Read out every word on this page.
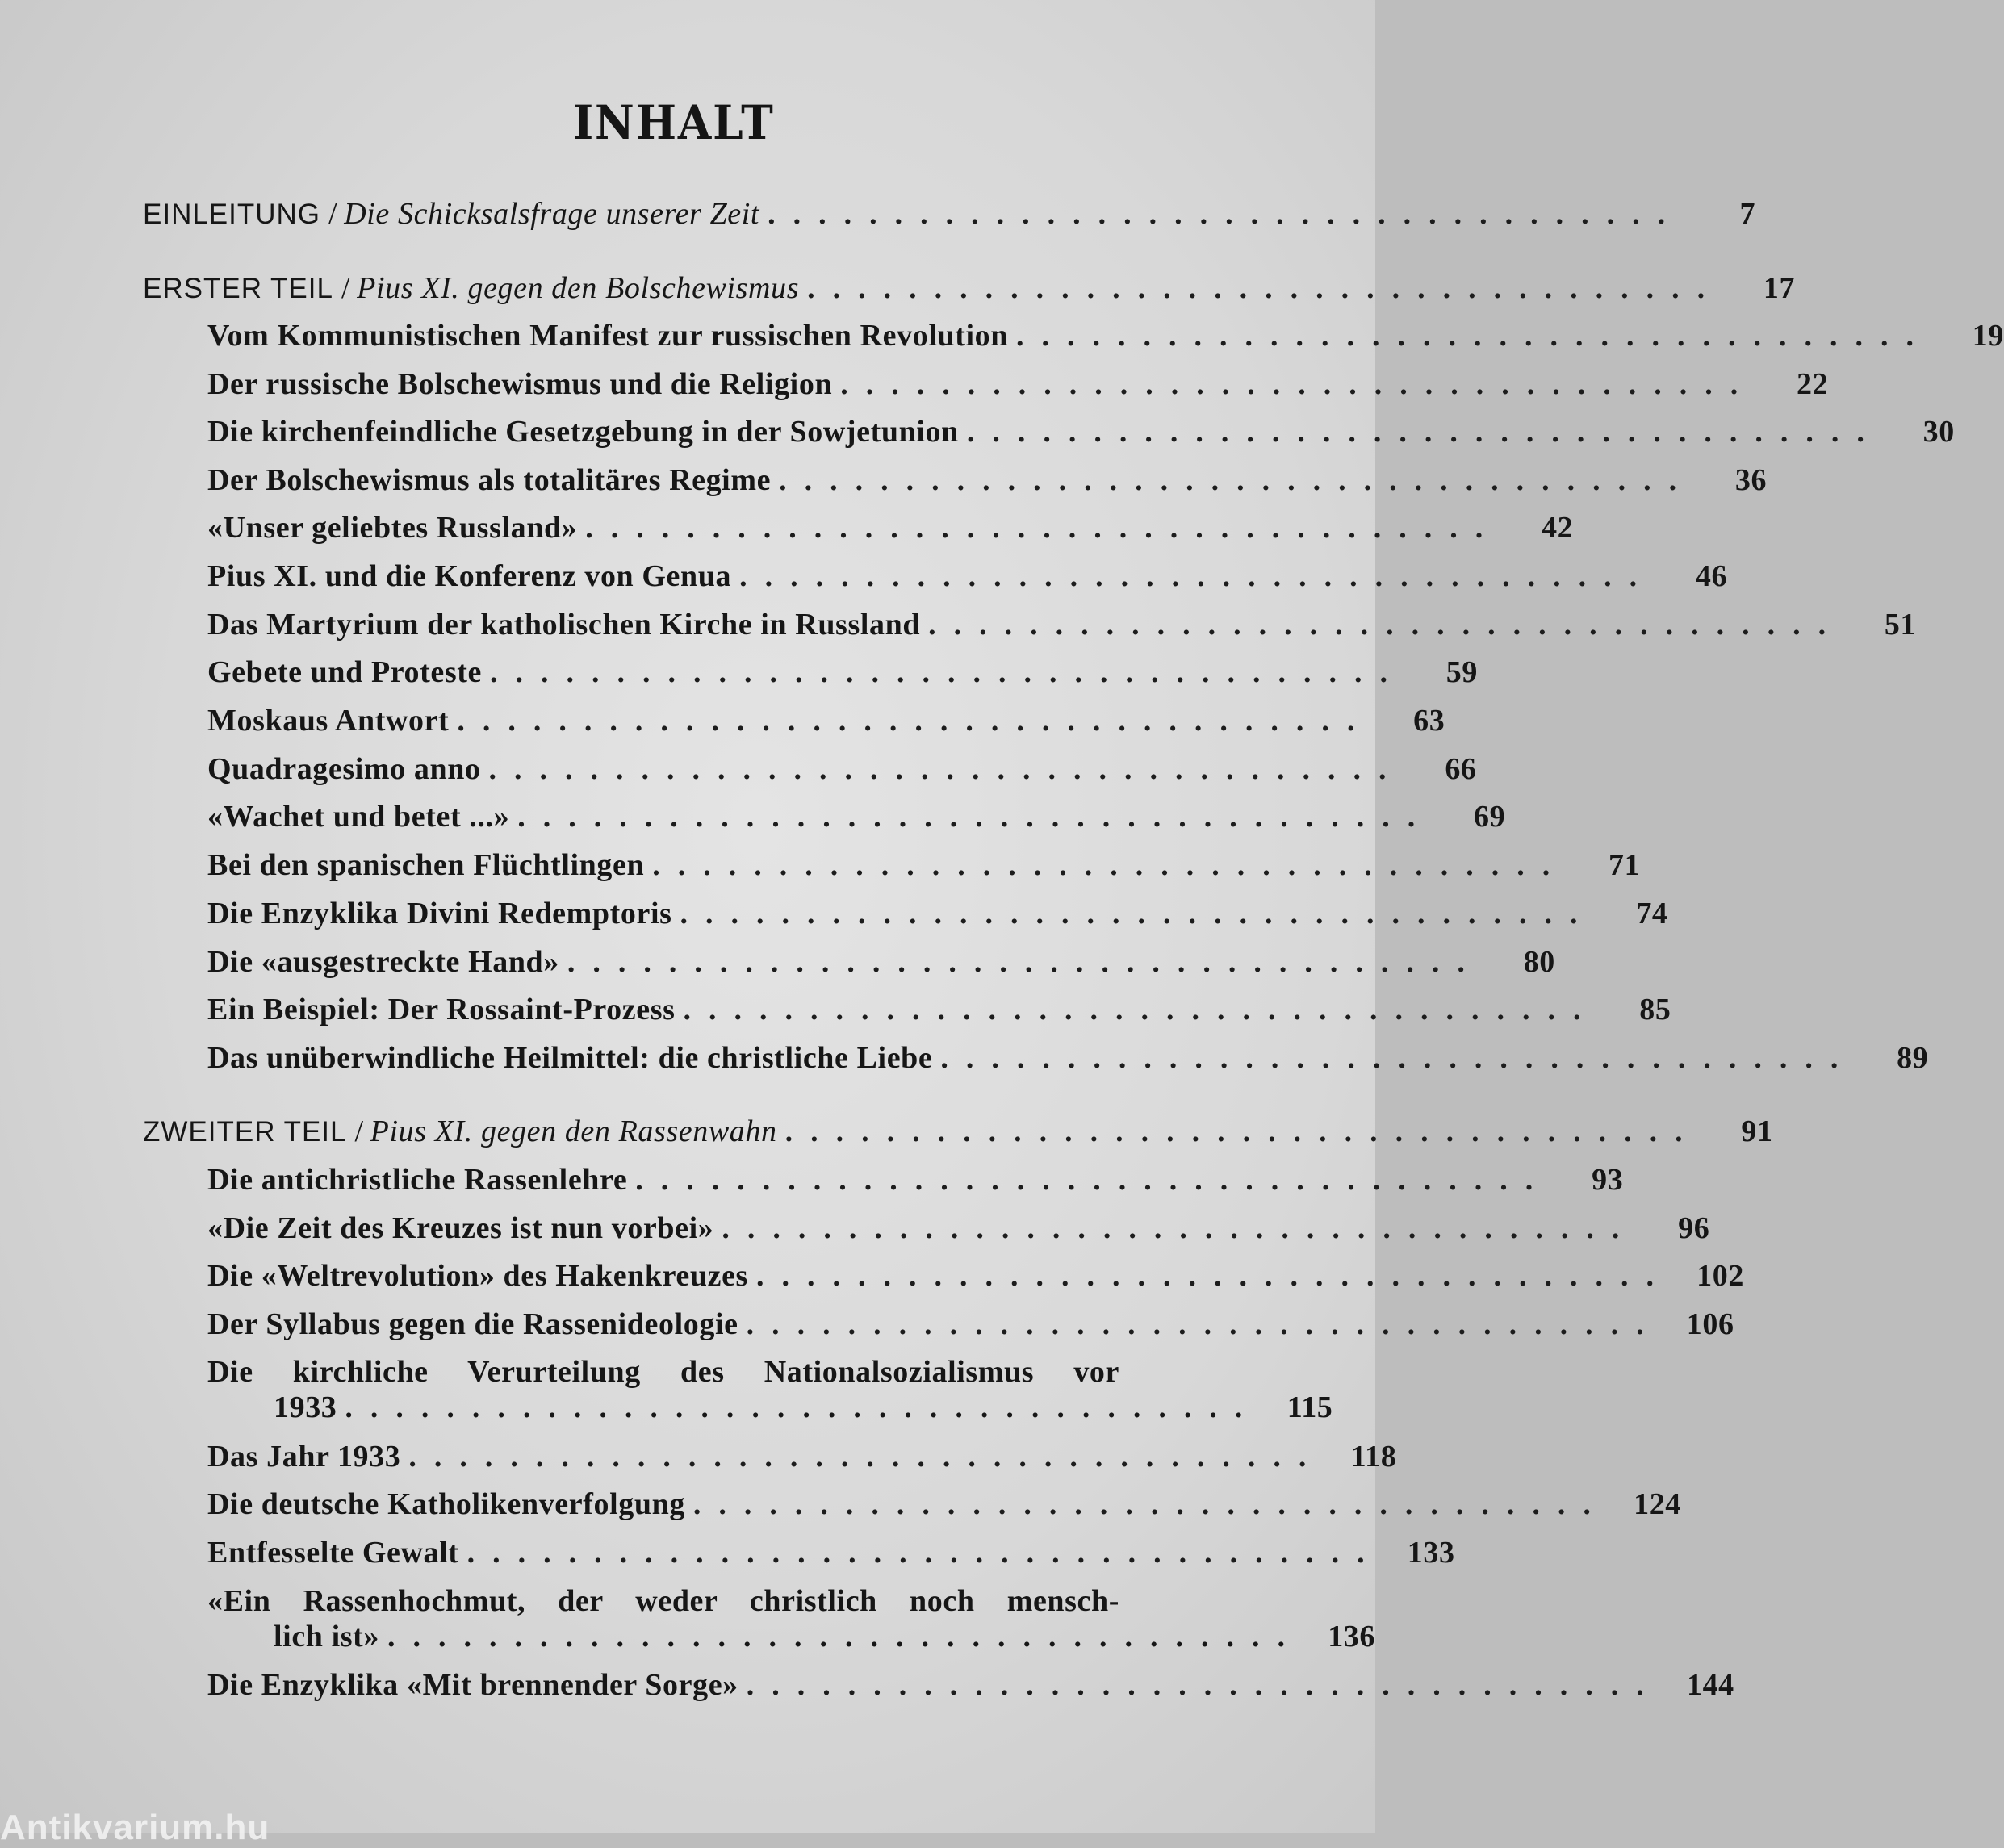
INHALT
EINLEITUNG / Die Schicksalsfrage unserer Zeit ....................................	7
ERSTER TEIL / Pius XI. gegen den Bolschewismus ....................................	17
Vom Kommunistischen Manifest zur russischen Revolution ....................................	19
Der russische Bolschewismus und die Religion ....................................	22
Die kirchenfeindliche Gesetzgebung in der Sowjetunion ....................................	30
Der Bolschewismus als totalitäres Regime ....................................	36
«Unser geliebtes Russland» ....................................	42
Pius XI. und die Konferenz von Genua ....................................	46
Das Martyrium der katholischen Kirche in Russland ....................................	51
Gebete und Proteste ....................................	59
Moskaus Antwort ....................................	63
Quadragesimo anno ....................................	66
«Wachet und betet ...» ....................................	69
Bei den spanischen Flüchtlingen ....................................	71
Die Enzyklika Divini Redemptoris ....................................	74
Die «ausgestreckte Hand» ....................................	80
Ein Beispiel: Der Rossaint-Prozess ....................................	85
Das unüberwindliche Heilmittel: die christliche Liebe ....................................	89
ZWEITER TEIL / Pius XI. gegen den Rassenwahn ....................................	91
Die antichristliche Rassenlehre ....................................	93
«Die Zeit des Kreuzes ist nun vorbei» ....................................	96
Die «Weltrevolution» des Hakenkreuzes .................................... 102
Der Syllabus gegen die Rassenideologie .................................... 106
Die kirchliche Verurteilung des Nationalsozialismus vor
1933 .................................... 115
Das Jahr 1933 .................................... 118
Die deutsche Katholikenverfolgung .................................... 124
Entfesselte Gewalt .................................... 133
«Ein Rassenhochmut, der weder christlich noch mensch-
lich ist» .................................... 136
Die Enzyklika «Mit brennender Sorge» .................................... 144
Antikvarium.hu
